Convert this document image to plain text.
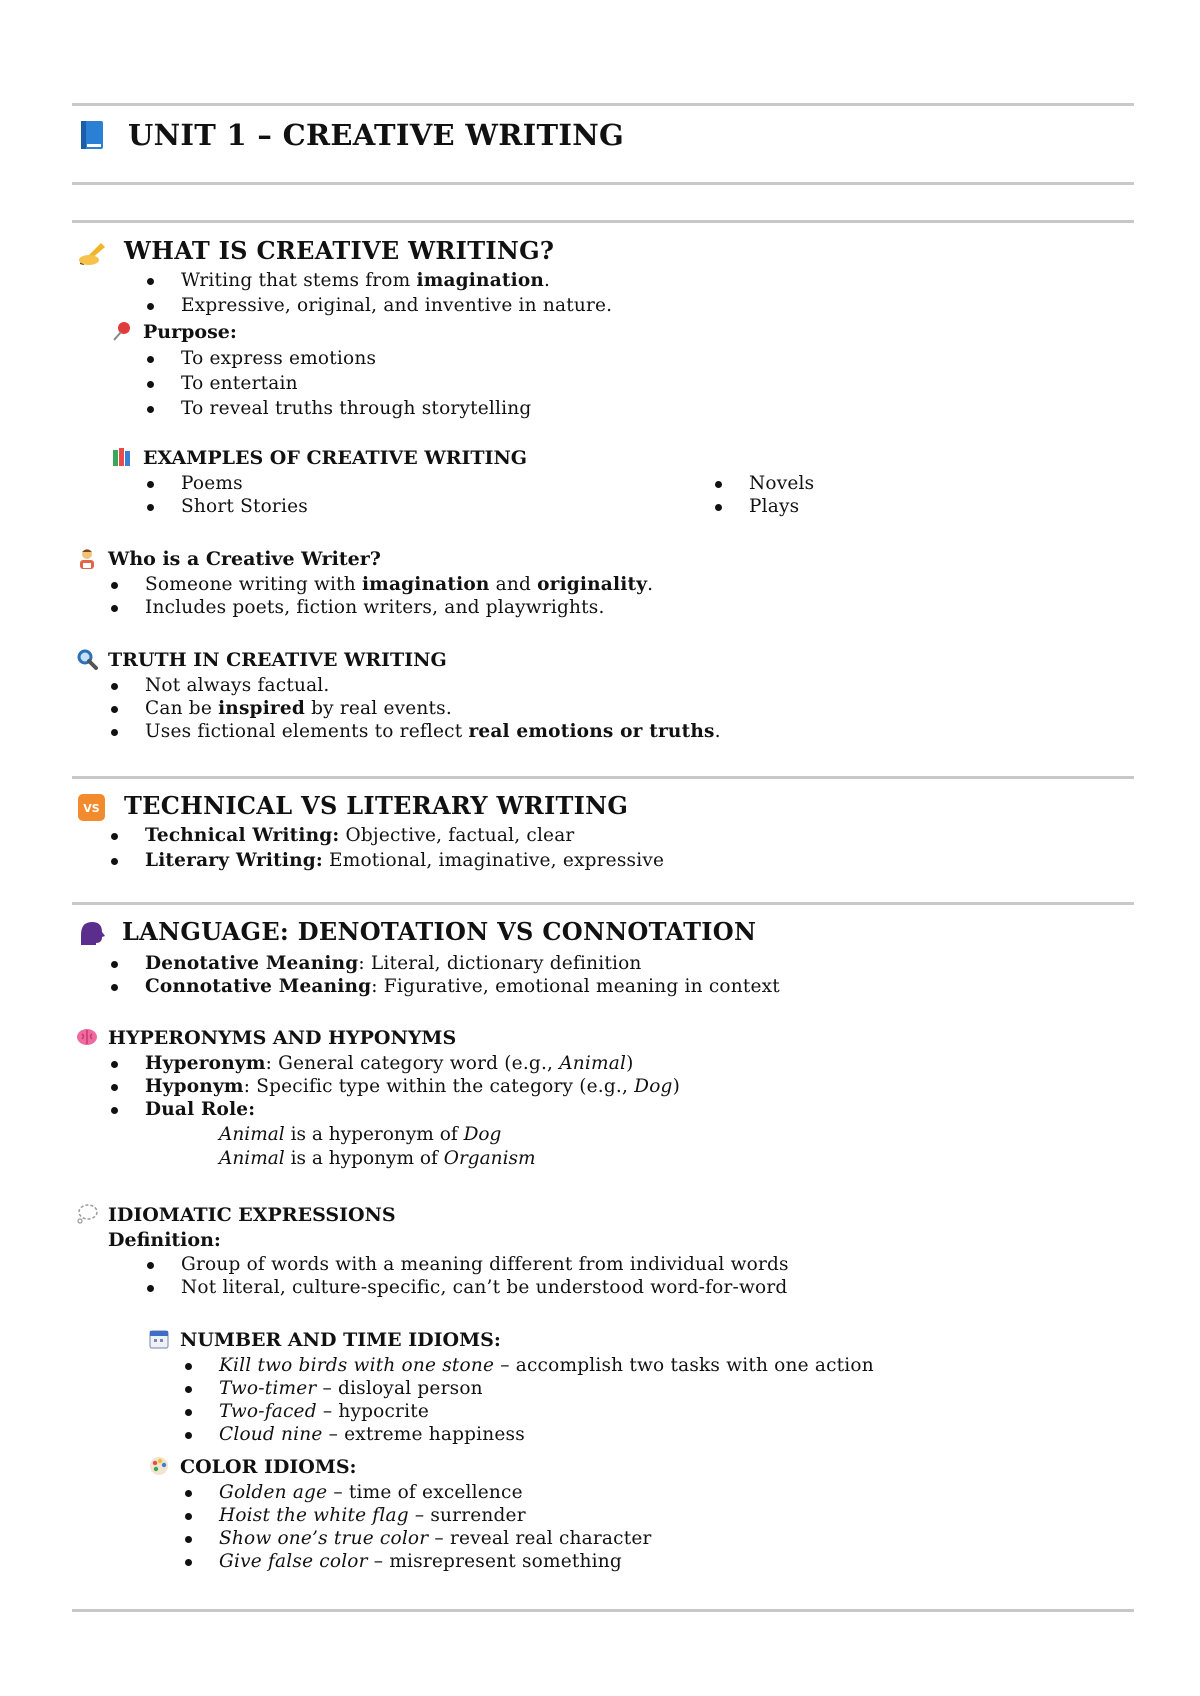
UNIT 1 – CREATIVE WRITING
WHAT IS CREATIVE WRITING?
Writing that stems from imagination.
Expressive, original, and inventive in nature.
Purpose:
To express emotions
To entertain
To reveal truths through storytelling
EXAMPLES OF CREATIVE WRITING
Poems
Short Stories
Novels
Plays
Who is a Creative Writer?
Someone writing with imagination and originality.
Includes poets, fiction writers, and playwrights.
TRUTH IN CREATIVE WRITING
Not always factual.
Can be inspired by real events.
Uses fictional elements to reflect real emotions or truths.
VS TECHNICAL VS LITERARY WRITING
Technical Writing: Objective, factual, clear
Literary Writing: Emotional, imaginative, expressive
LANGUAGE: DENOTATION VS CONNOTATION
Denotative Meaning: Literal, dictionary definition
Connotative Meaning: Figurative, emotional meaning in context
HYPERONYMS AND HYPONYMS
Hyperonym: General category word (e.g., Animal)
Hyponym: Specific type within the category (e.g., Dog)
Dual Role:
Animal is a hyperonym of Dog
Animal is a hyponym of Organism
IDIOMATIC EXPRESSIONS
Definition:
Group of words with a meaning different from individual words
Not literal, culture-specific, can’t be understood word-for-word
NUMBER AND TIME IDIOMS:
Kill two birds with one stone – accomplish two tasks with one action
Two-timer – disloyal person
Two-faced – hypocrite
Cloud nine – extreme happiness
COLOR IDIOMS:
Golden age – time of excellence
Hoist the white flag – surrender
Show one’s true color – reveal real character
Give false color – misrepresent something
